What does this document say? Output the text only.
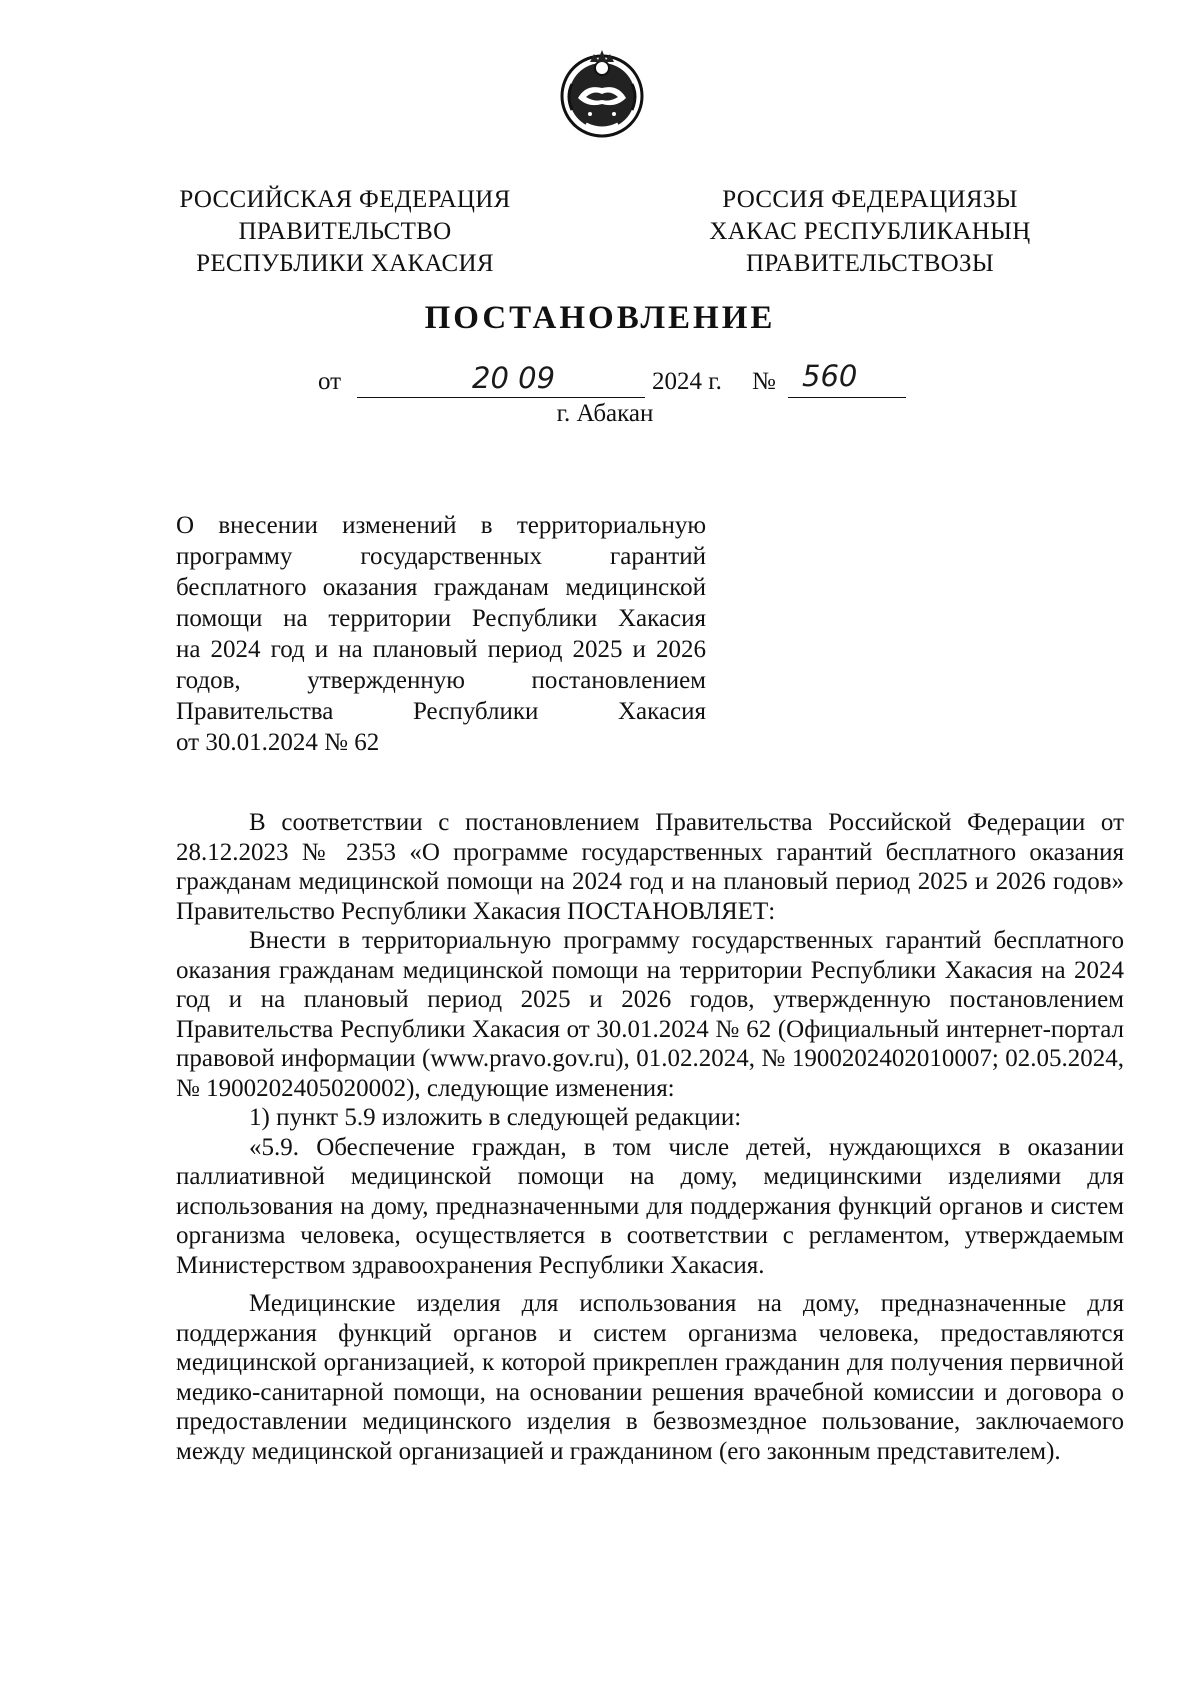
РОССИЙСКАЯ ФЕДЕРАЦИЯ
ПРАВИТЕЛЬСТВО
РЕСПУБЛИКИ ХАКАСИЯ
РОССИЯ ФЕДЕРАЦИЯЗЫ
ХАКАС РЕСПУБЛИКАНЫҢ
ПРАВИТЕЛЬСТВОЗЫ
ПОСТАНОВЛЕНИЕ
от	20 09	2024 г. № 560
г. Абакан
О внесении изменений в территориальную
программу государственных гарантий
бесплатного оказания гражданам медицинской
помощи на территории Республики Хакасия
на 2024 год и на плановый период 2025 и 2026
годов, утвержденную постановлением
Правительства Республики Хакасия
от 30.01.2024 № 62

В соответствии с постановлением Правительства Российской Федерации от 28.12.2023 № 2353 «О программе государственных гарантий бесплатного оказания гражданам медицинской помощи на 2024 год и на плановый период 2025 и 2026 годов» Правительство Республики Хакасия ПОСТАНОВЛЯЕТ:

Внести в территориальную программу государственных гарантий бесплатного оказания гражданам медицинской помощи на территории Республики Хакасия на 2024 год и на плановый период 2025 и 2026 годов, утвержденную постановлением Правительства Республики Хакасия от 30.01.2024 № 62 (Официальный интернет-портал правовой информации (www.pravo.gov.ru), 01.02.2024, № 1900202402010007; 02.05.2024, № 1900202405020002), следующие изменения:

1) пункт 5.9 изложить в следующей редакции:

«5.9. Обеспечение граждан, в том числе детей, нуждающихся в оказании паллиативной медицинской помощи на дому, медицинскими изделиями для использования на дому, предназначенными для поддержания функций органов и систем организма человека, осуществляется в соответствии с регламентом, утверждаемым Министерством здравоохранения Республики Хакасия.

Медицинские изделия для использования на дому, предназначенные для поддержания функций органов и систем организма человека, предоставляются медицинской организацией, к которой прикреплен гражданин для получения первичной медико-санитарной помощи, на основании решения врачебной комиссии и договора о предоставлении медицинского изделия в безвозмездное пользование, заключаемого между медицинской организацией и гражданином (его законным представителем).
